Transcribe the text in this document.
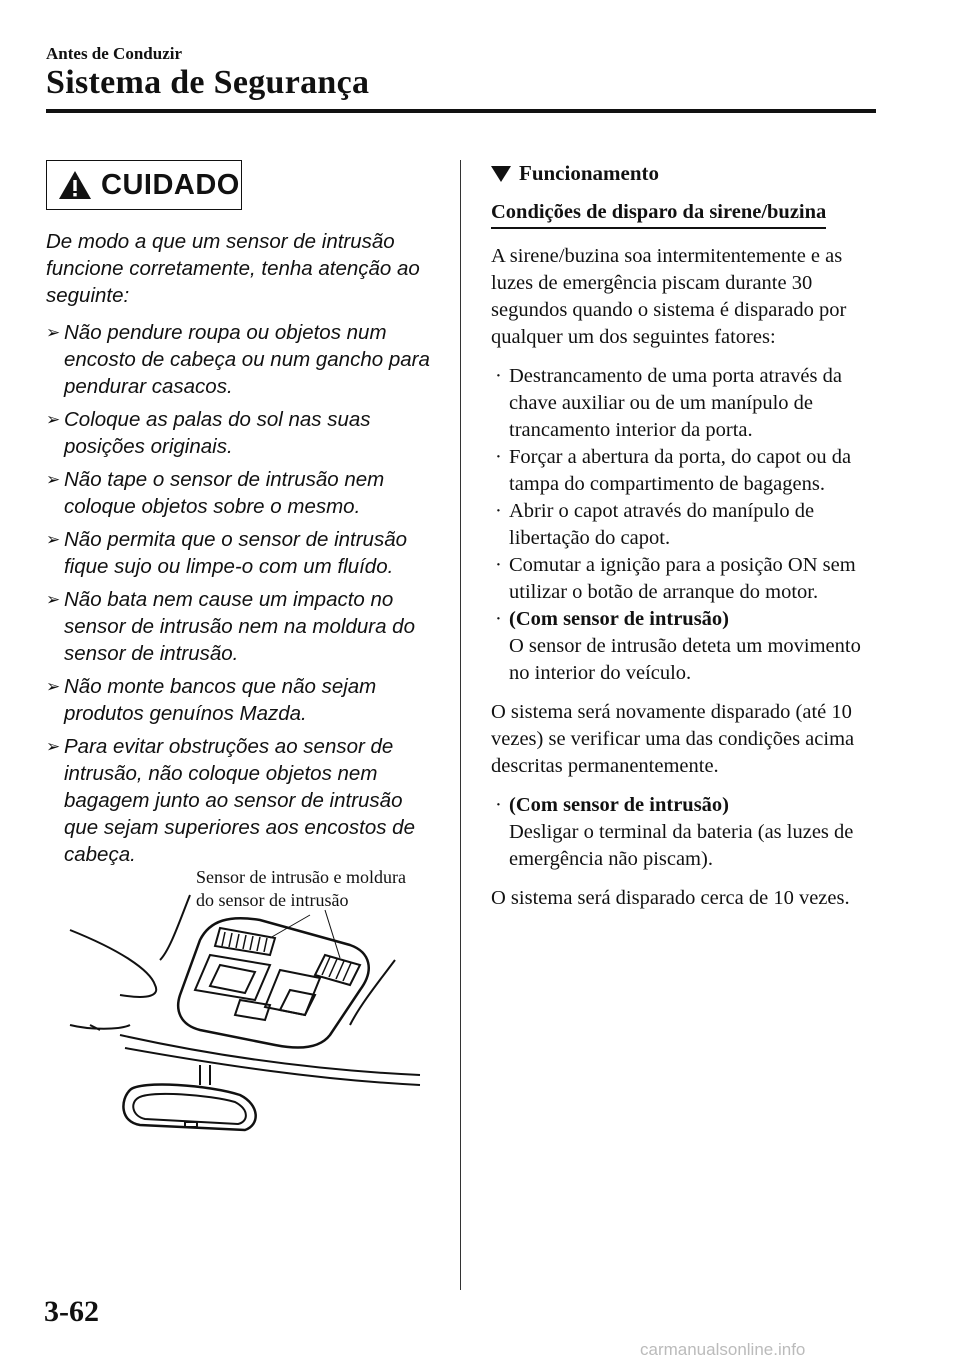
Antes de Conduzir
Sistema de Segurança
CUIDADO

De modo a que um sensor de intrusão funcione corretamente, tenha atenção ao seguinte:

➢ Não pendure roupa ou objetos num encosto de cabeça ou num gancho para pendurar casacos.
➢ Coloque as palas do sol nas suas posições originais.
➢ Não tape o sensor de intrusão nem coloque objetos sobre o mesmo.
➢ Não permita que o sensor de intrusão ﬁque sujo ou limpe-o com um ﬂuído.
➢ Não bata nem cause um impacto no sensor de intrusão nem na moldura do sensor de intrusão.
➢ Não monte bancos que não sejam produtos genuínos Mazda.
➢ Para evitar obstruções ao sensor de intrusão, não coloque objetos nem bagagem junto ao sensor de intrusão que sejam superiores aos encostos de cabeça.
Sensor de intrusão e moldura
do sensor de intrusão
Funcionamento
Condições de disparo da sirene/buzina

A sirene/buzina soa intermitentemente e as luzes de emergência piscam durante 30 segundos quando o sistema é disparado por qualquer um dos seguintes fatores:

· Destrancamento de uma porta através da chave auxiliar ou de um manípulo de trancamento interior da porta.
· Forçar a abertura da porta, do capot ou da tampa do compartimento de bagagens.
· Abrir o capot através do manípulo de libertação do capot.
· Comutar a ignição para a posição ON sem utilizar o botão de arranque do motor.
· (Com sensor de intrusão)
O sensor de intrusão deteta um movimento no interior do veículo.

O sistema será novamente disparado (até 10 vezes) se verificar uma das condições acima descritas permanentemente.

· (Com sensor de intrusão)
Desligar o terminal da bateria (as luzes de emergência não piscam).

O sistema será disparado cerca de 10 vezes.

3-62
carmanualsonline.info
